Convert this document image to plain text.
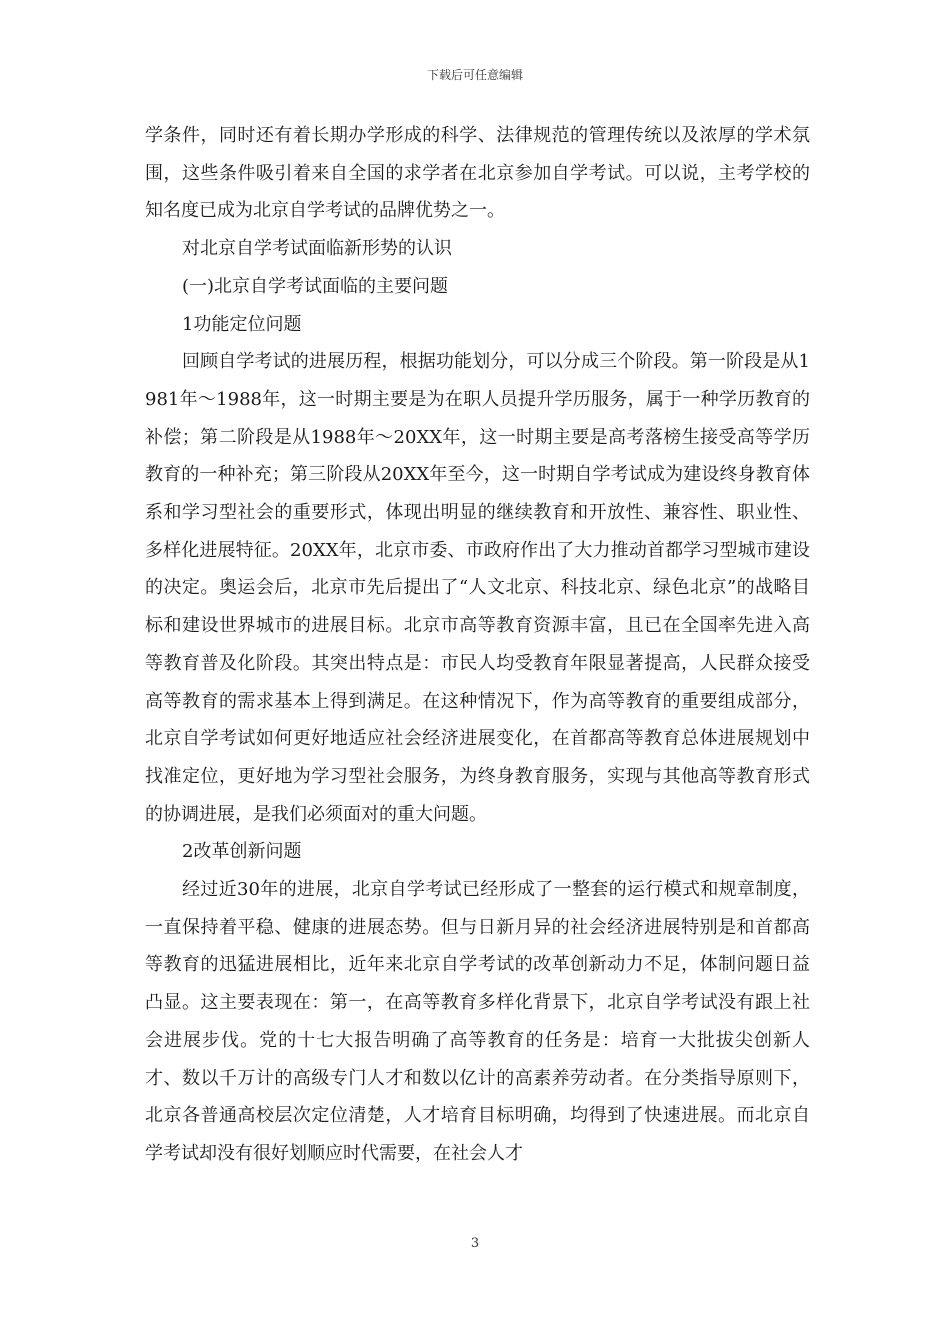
下载后可任意编辑

学条件，同时还有着长期办学形成的科学、法律规范的管理传统以及浓厚的学术氛围，这些条件吸引着来自全国的求学者在北京参加自学考试。可以说，主考学校的知名度已成为北京自学考试的品牌优势之一。

对北京自学考试面临新形势的认识

(一)北京自学考试面临的主要问题

1功能定位问题

回顾自学考试的进展历程，根据功能划分，可以分成三个阶段。第一阶段是从1981年～1988年，这一时期主要是为在职人员提升学历服务，属于一种学历教育的补偿；第二阶段是从1988年～20XX年，这一时期主要是高考落榜生接受高等学历教育的一种补充；第三阶段从20XX年至今，这一时期自学考试成为建设终身教育体系和学习型社会的重要形式，体现出明显的继续教育和开放性、兼容性、职业性、多样化进展特征。20XX年，北京市委、市政府作出了大力推动首都学习型城市建设的决定。奥运会后，北京市先后提出了“人文北京、科技北京、绿色北京”的战略目标和建设世界城市的进展目标。北京市高等教育资源丰富，且已在全国率先进入高等教育普及化阶段。其突出特点是：市民人均受教育年限显著提高，人民群众接受高等教育的需求基本上得到满足。在这种情况下，作为高等教育的重要组成部分，北京自学考试如何更好地适应社会经济进展变化，在首都高等教育总体进展规划中找准定位，更好地为学习型社会服务，为终身教育服务，实现与其他高等教育形式的协调进展，是我们必须面对的重大问题。

2改革创新问题

经过近30年的进展，北京自学考试已经形成了一整套的运行模式和规章制度，一直保持着平稳、健康的进展态势。但与日新月异的社会经济进展特别是和首都高等教育的迅猛进展相比，近年来北京自学考试的改革创新动力不足，体制问题日益凸显。这主要表现在：第一，在高等教育多样化背景下，北京自学考试没有跟上社会进展步伐。党的十七大报告明确了高等教育的任务是：培育一大批拔尖创新人才、数以千万计的高级专门人才和数以亿计的高素养劳动者。在分类指导原则下，北京各普通高校层次定位清楚，人才培育目标明确，均得到了快速进展。而北京自学考试却没有很好划顺应时代需要，在社会人才

3
